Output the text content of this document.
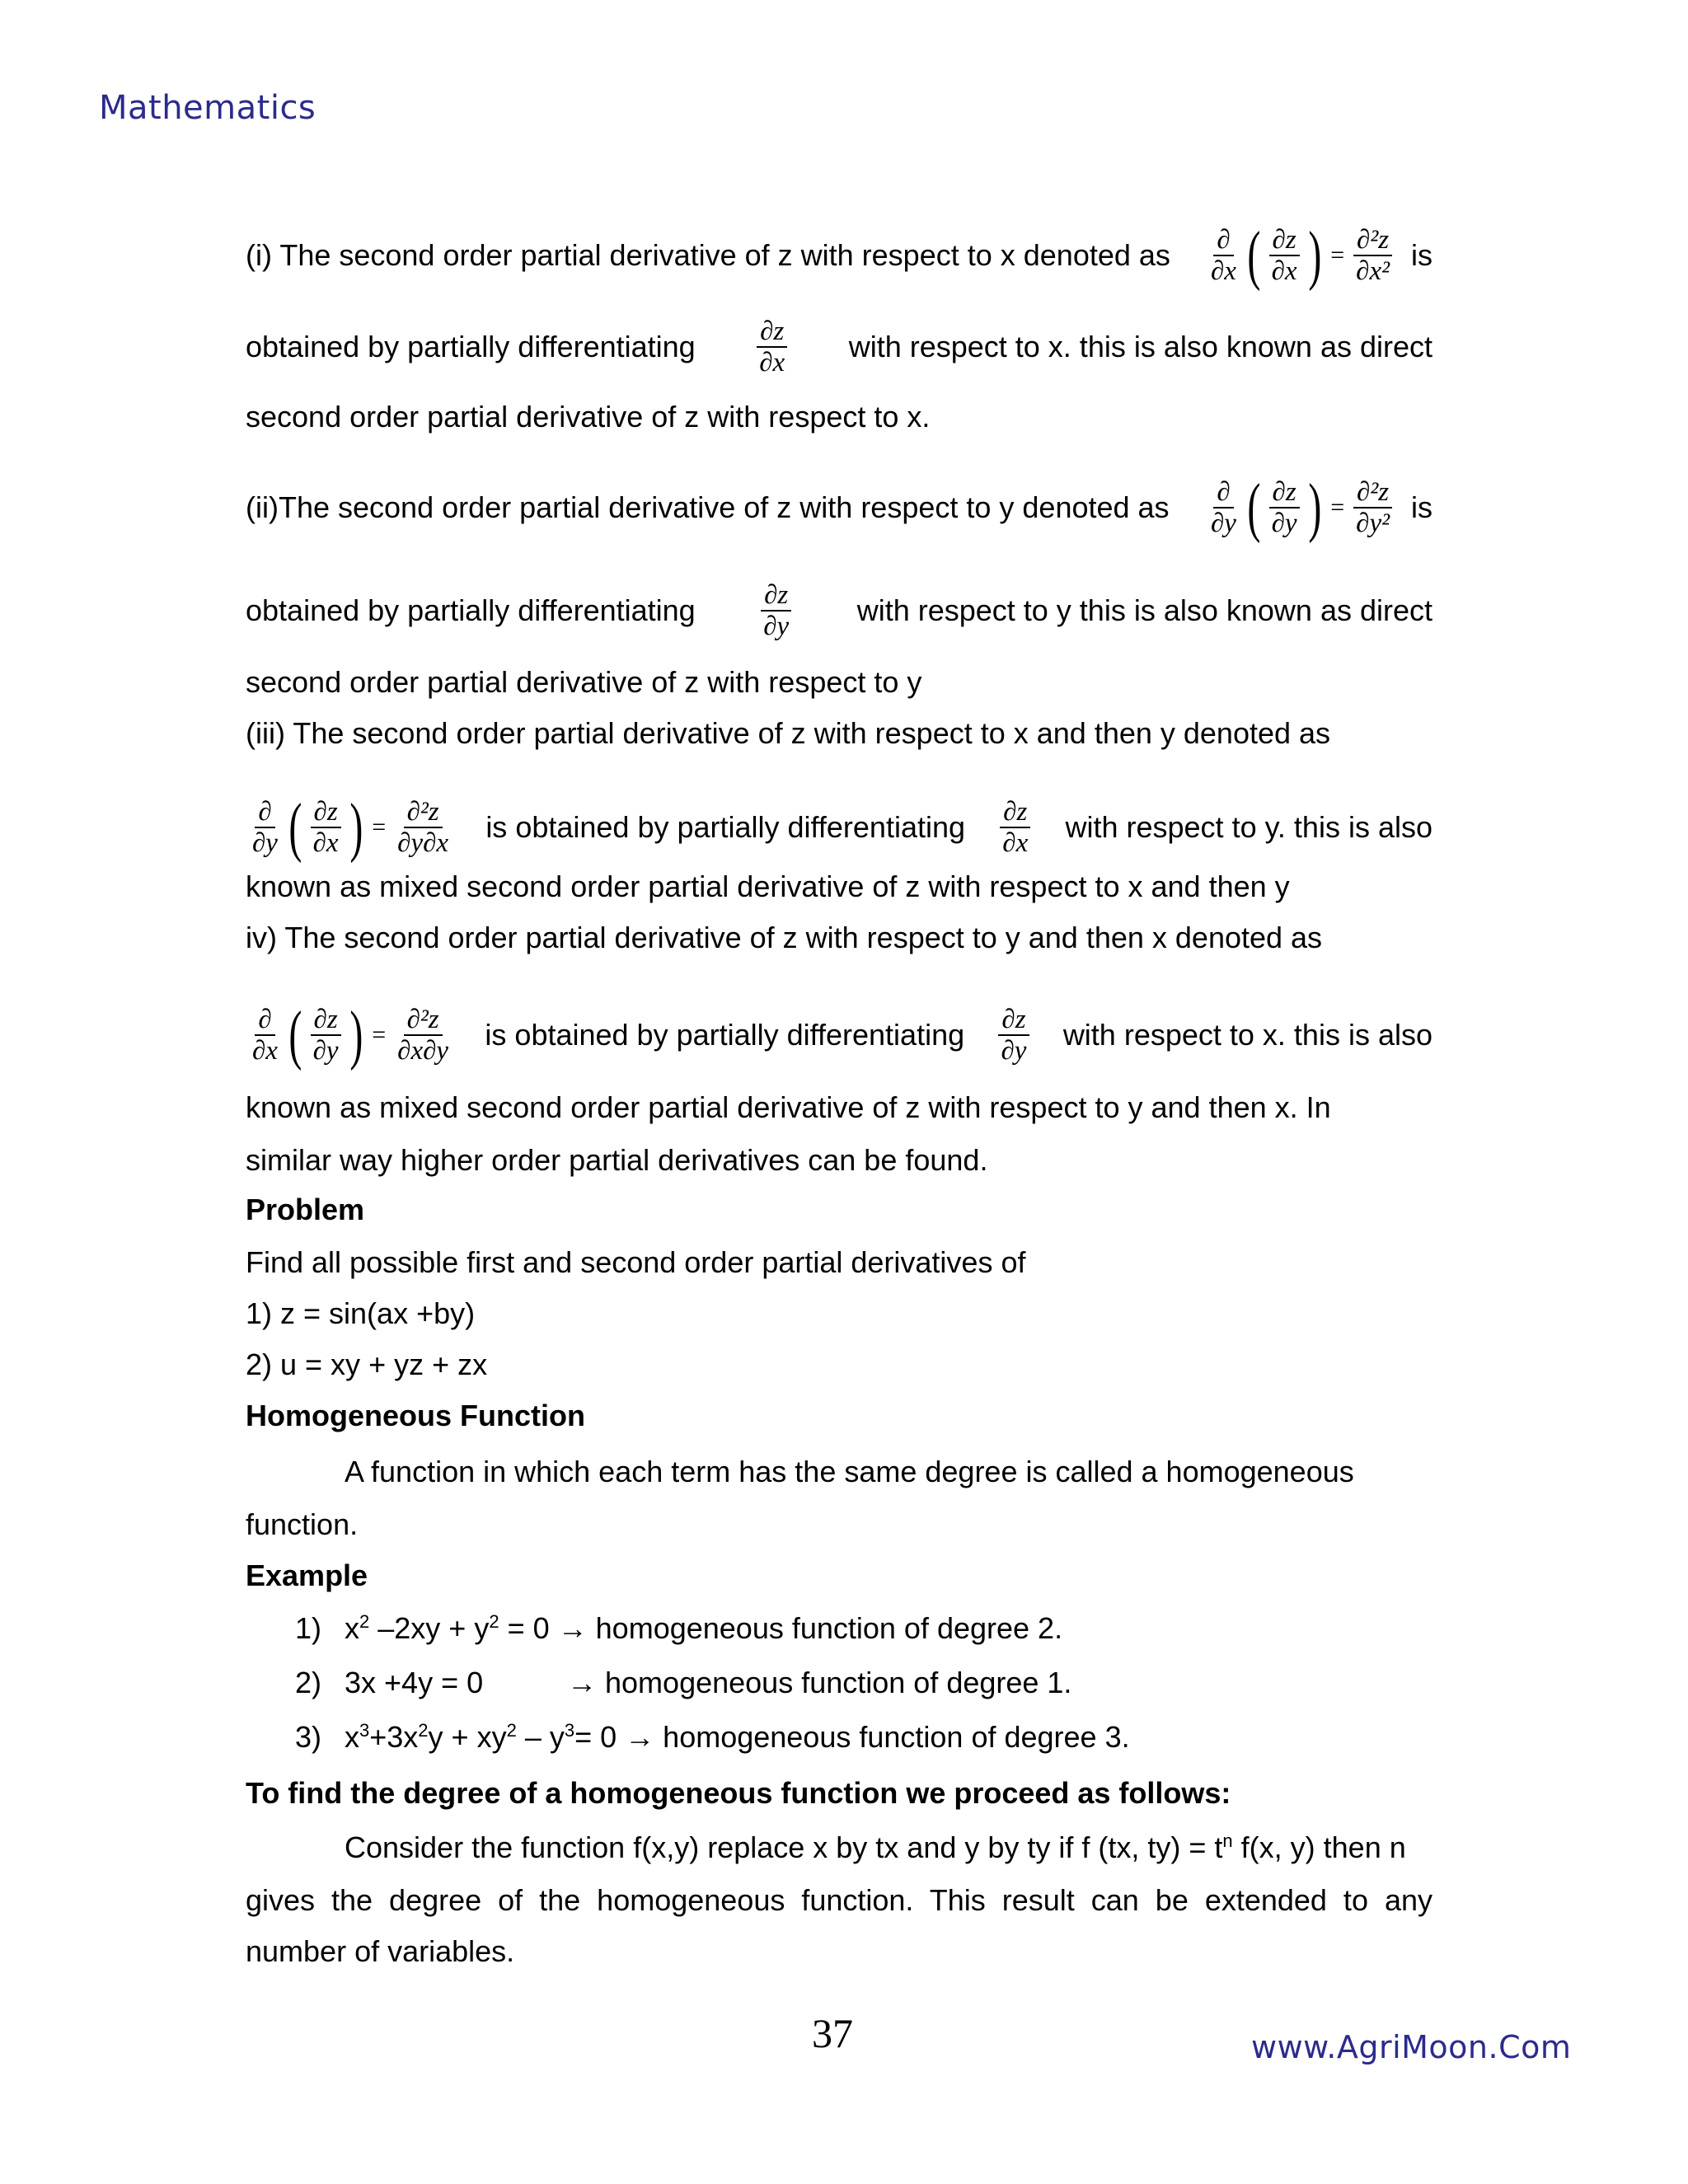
Mathematics
(i) The second order partial derivative of z with respect to x denoted as $\frac{\partial}{\partial x}$ ( $\frac{\partial z}{\partial x}$ ) = $\frac{\text{∂²z}}{\text{∂x²}}$ is
obtained by partially differentiating $\frac{\partial z}{\partial x}$ with respect to x. this is also known as direct
second order partial derivative of z with respect to x.
(ii)The second order partial derivative of z with respect to y denoted as $\frac{\partial}{\partial y}$ ( $\frac{\partial z}{\partial y}$ ) = $\frac{\text{∂²z}}{\text{∂y²}}$ is
obtained by partially differentiating $\frac{\partial z}{\partial y}$ with respect to y this is also known as direct
second order partial derivative of z with respect to y
(iii) The second order partial derivative of z with respect to x and then y denoted as
$\frac{\partial}{\partial y}$ ( $\frac{\partial z}{\partial x}$ ) = $\frac{\text{∂²z}}{\partial y\partial x}$ is obtained by partially differentiating $\frac{\partial z}{\partial x}$ with respect to y. this is also
known as mixed second order partial derivative of z with respect to x and then y
iv) The second order partial derivative of z with respect to y and then x denoted as
$\frac{\partial}{\partial x}$ ( $\frac{\partial z}{\partial y}$ ) = $\frac{\text{∂²z}}{\partial x\partial y}$ is obtained by partially differentiating $\frac{\partial z}{\partial y}$ with respect to x. this is also
known as mixed second order partial derivative of z with respect to y and then x. In
similar way higher order partial derivatives can be found.
Problem
Find all possible first and second order partial derivatives of
1) z = sin(ax +by)
2) u = xy + yz + zx
Homogeneous Function
A function in which each term has the same degree is called a homogeneous
function.
Example
1) $x^2$ $-2xy + y^2 = 0$ → homogeneous function of degree 2.
2) 3x +4y = 0	→ homogeneous function of degree 1.
3) $x^3+3x^2y + xy^2 - y^3= 0$ → homogeneous function of degree 3.
To find the degree of a homogeneous function we proceed as follows:
Consider the function f(x,y) replace x by tx and y by ty if f (tx, $ty) = t^n$ f(x, y) then n
gives the degree of the homogeneous function. This result can be extended to any
number of variables.
37	www.AgriMoon.Com
